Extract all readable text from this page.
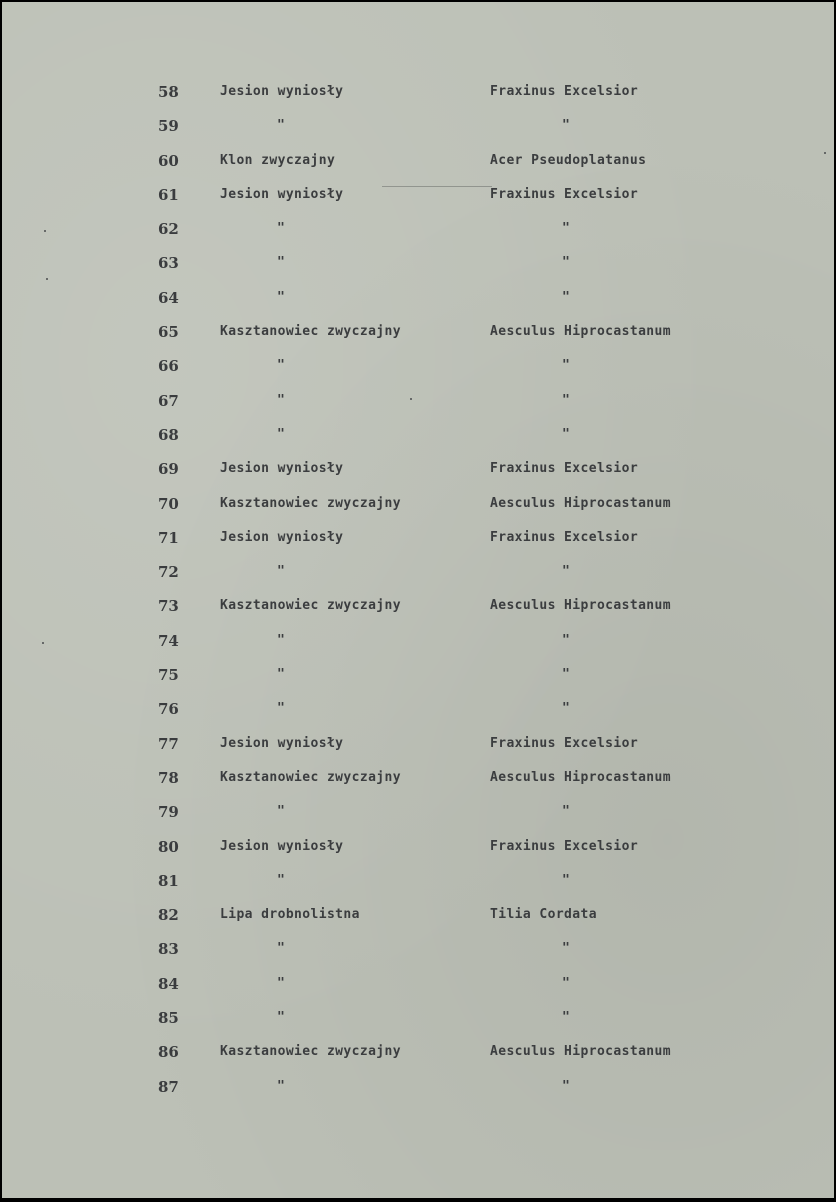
58	Jesion wyniosły	Fraxinus Excelsior
59	"	"
60	Klon zwyczajny	Acer Pseudoplatanus
61	Jesion wyniosły	Fraxinus Excelsior
62	"	"
63	"	"
64	"	"
65	Kasztanowiec zwyczajny	Aesculus Hiprocastanum
66	"	"
67	"	"
68	"	"
69	Jesion wyniosły	Fraxinus Excelsior
70	Kasztanowiec zwyczajny	Aesculus Hiprocastanum
71	Jesion wyniosły	Fraxinus Excelsior
72	"	"
73	Kasztanowiec zwyczajny	Aesculus Hiprocastanum
74	"	"
75	"	"
76	"	"
77	Jesion wyniosły	Fraxinus Excelsior
78	Kasztanowiec zwyczajny	Aesculus Hiprocastanum
79	"	"
80	Jesion wyniosły	Fraxinus Excelsior
81	"	"
82	Lipa drobnolistna	Tilia Cordata
83	"	"
84	"	"
85	"	"
86	Kasztanowiec zwyczajny	Aesculus Hiprocastanum
87	"	"
